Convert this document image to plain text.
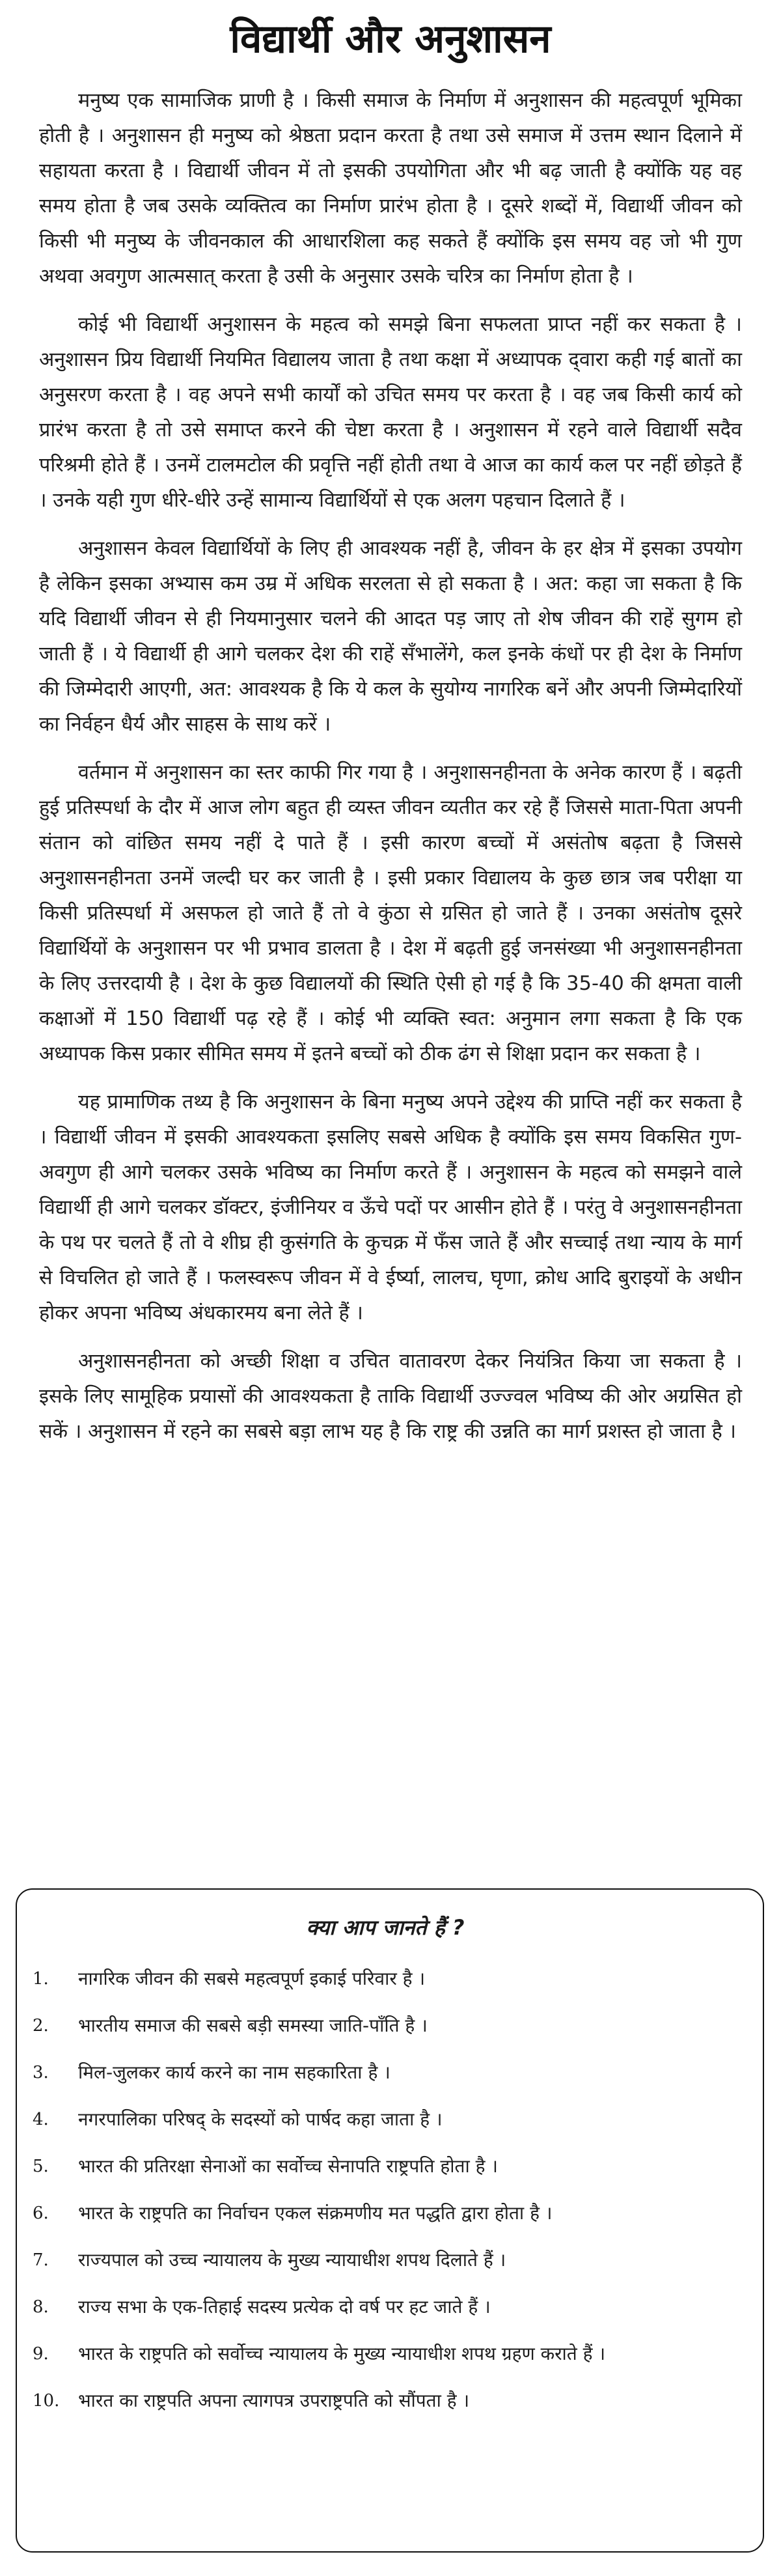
विद्यार्थी और अनुशासन

मनुष्य एक सामाजिक प्राणी है । किसी समाज के निर्माण में अनुशासन की महत्वपूर्ण भूमिका होती है । अनुशासन ही मनुष्य को श्रेष्ठता प्रदान करता है तथा उसे समाज में उत्तम स्थान दिलाने में सहायता करता है । विद्यार्थी जीवन में तो इसकी उपयोगिता और भी बढ़ जाती है क्योंकि यह वह समय होता है जब उसके व्यक्तित्व का निर्माण प्रारंभ होता है । दूसरे शब्दों में, विद्यार्थी जीवन को किसी भी मनुष्य के जीवनकाल की आधारशिला कह सकते हैं क्योंकि इस समय वह जो भी गुण अथवा अवगुण आत्मसात् करता है उसी के अनुसार उसके चरित्र का निर्माण होता है ।

कोई भी विद्यार्थी अनुशासन के महत्व को समझे बिना सफलता प्राप्त नहीं कर सकता है । अनुशासन प्रिय विद्यार्थी नियमित विद्यालय जाता है तथा कक्षा में अध्यापक द्‌वारा कही गई बातों का अनुसरण करता है । वह अपने सभी कार्यों को उचित समय पर करता है । वह जब किसी कार्य को प्रारंभ करता है तो उसे समाप्त करने की चेष्टा करता है । अनुशासन में रहने वाले विद्यार्थी सदैव परिश्रमी होते हैं । उनमें टालमटोल की प्रवृत्ति नहीं होती तथा वे आज का कार्य कल पर नहीं छोड़ते हैं । उनके यही गुण धीरे-धीरे उन्हें सामान्य विद्यार्थियों से एक अलग पहचान दिलाते हैं ।

अनुशासन केवल विद्यार्थियों के लिए ही आवश्यक नहीं है, जीवन के हर क्षेत्र में इसका उपयोग है लेकिन इसका अभ्यास कम उम्र में अधिक सरलता से हो सकता है । अत: कहा जा सकता है कि यदि विद्यार्थी जीवन से ही नियमानुसार चलने की आदत पड़ जाए तो शेष जीवन की राहें सुगम हो जाती हैं । ये विद्यार्थी ही आगे चलकर देश की राहें सँभालेंगे, कल इनके कंधों पर ही देश के निर्माण की जिम्मेदारी आएगी, अत: आवश्यक है कि ये कल के सुयोग्य नागरिक बनें और अपनी जिम्मेदारियों का निर्वहन धैर्य और साहस के साथ करें ।

वर्तमान में अनुशासन का स्तर काफी गिर गया है । अनुशासनहीनता के अनेक कारण हैं । बढ़ती हुई प्रतिस्पर्धा के दौर में आज लोग बहुत ही व्यस्त जीवन व्यतीत कर रहे हैं जिससे माता-पिता अपनी संतान को वांछित समय नहीं दे पाते हैं । इसी कारण बच्चों में असंतोष बढ़ता है जिससे अनुशासनहीनता उनमें जल्दी घर कर जाती है । इसी प्रकार विद्यालय के कुछ छात्र जब परीक्षा या किसी प्रतिस्पर्धा में असफल हो जाते हैं तो वे कुंठा से ग्रसित हो जाते हैं । उनका असंतोष दूसरे विद्यार्थियों के अनुशासन पर भी प्रभाव डालता है । देश में बढ़ती हुई जनसंख्या भी अनुशासनहीनता के लिए उत्तरदायी है । देश के कुछ विद्यालयों की स्थिति ऐसी हो गई है कि 35-40 की क्षमता वाली कक्षाओं में 150 विद्यार्थी पढ़ रहे हैं । कोई भी व्यक्ति स्वत: अनुमान लगा सकता है कि एक अध्यापक किस प्रकार सीमित समय में इतने बच्चों को ठीक ढंग से शिक्षा प्रदान कर सकता है ।

यह प्रामाणिक तथ्य है कि अनुशासन के बिना मनुष्य अपने उद्देश्य की प्राप्ति नहीं कर सकता है । विद्यार्थी जीवन में इसकी आवश्यकता इसलिए सबसे अधिक है क्योंकि इस समय विकसित गुण-अवगुण ही आगे चलकर उसके भविष्य का निर्माण करते हैं । अनुशासन के महत्व को समझने वाले विद्यार्थी ही आगे चलकर डॉक्टर, इंजीनियर व ऊँचे पदों पर आसीन होते हैं । परंतु वे अनुशासनहीनता के पथ पर चलते हैं तो वे शीघ्र ही कुसंगति के कुचक्र में फँस जाते हैं और सच्चाई तथा न्याय के मार्ग से विचलित हो जाते हैं । फलस्वरूप जीवन में वे ईर्ष्या, लालच, घृणा, क्रोध आदि बुराइयों के अधीन होकर अपना भविष्य अंधकारमय बना लेते हैं ।

अनुशासनहीनता को अच्छी शिक्षा व उचित वातावरण देकर नियंत्रित किया जा सकता है । इसके लिए सामूहिक प्रयासों की आवश्यकता है ताकि विद्यार्थी उज्ज्वल भविष्य की ओर अग्रसित हो सकें । अनुशासन में रहने का सबसे बड़ा लाभ यह है कि राष्ट्र की उन्नति का मार्ग प्रशस्त हो जाता है ।

क्या आप जानते हैं ?
1.	नागरिक जीवन की सबसे महत्वपूर्ण इकाई परिवार है ।
2.	भारतीय समाज की सबसे बड़ी समस्या जाति-पाँति है ।
3.	मिल-जुलकर कार्य करने का नाम सहकारिता है ।
4.	नगरपालिका परिषद् के सदस्यों को पार्षद कहा जाता है ।
5.	भारत की प्रतिरक्षा सेनाओं का सर्वोच्च सेनापति राष्ट्रपति होता है ।
6.	भारत के राष्ट्रपति का निर्वाचन एकल संक्रमणीय मत पद्धति द्वारा होता है ।
7.	राज्यपाल को उच्च न्यायालय के मुख्य न्यायाधीश शपथ दिलाते हैं ।
8.	राज्य सभा के एक-तिहाई सदस्य प्रत्येक दो वर्ष पर हट जाते हैं ।
9.	भारत के राष्ट्रपति को सर्वोच्च न्यायालय के मुख्य न्यायाधीश शपथ ग्रहण कराते हैं ।
10.	भारत का राष्ट्रपति अपना त्यागपत्र उपराष्ट्रपति को सौंपता है ।
